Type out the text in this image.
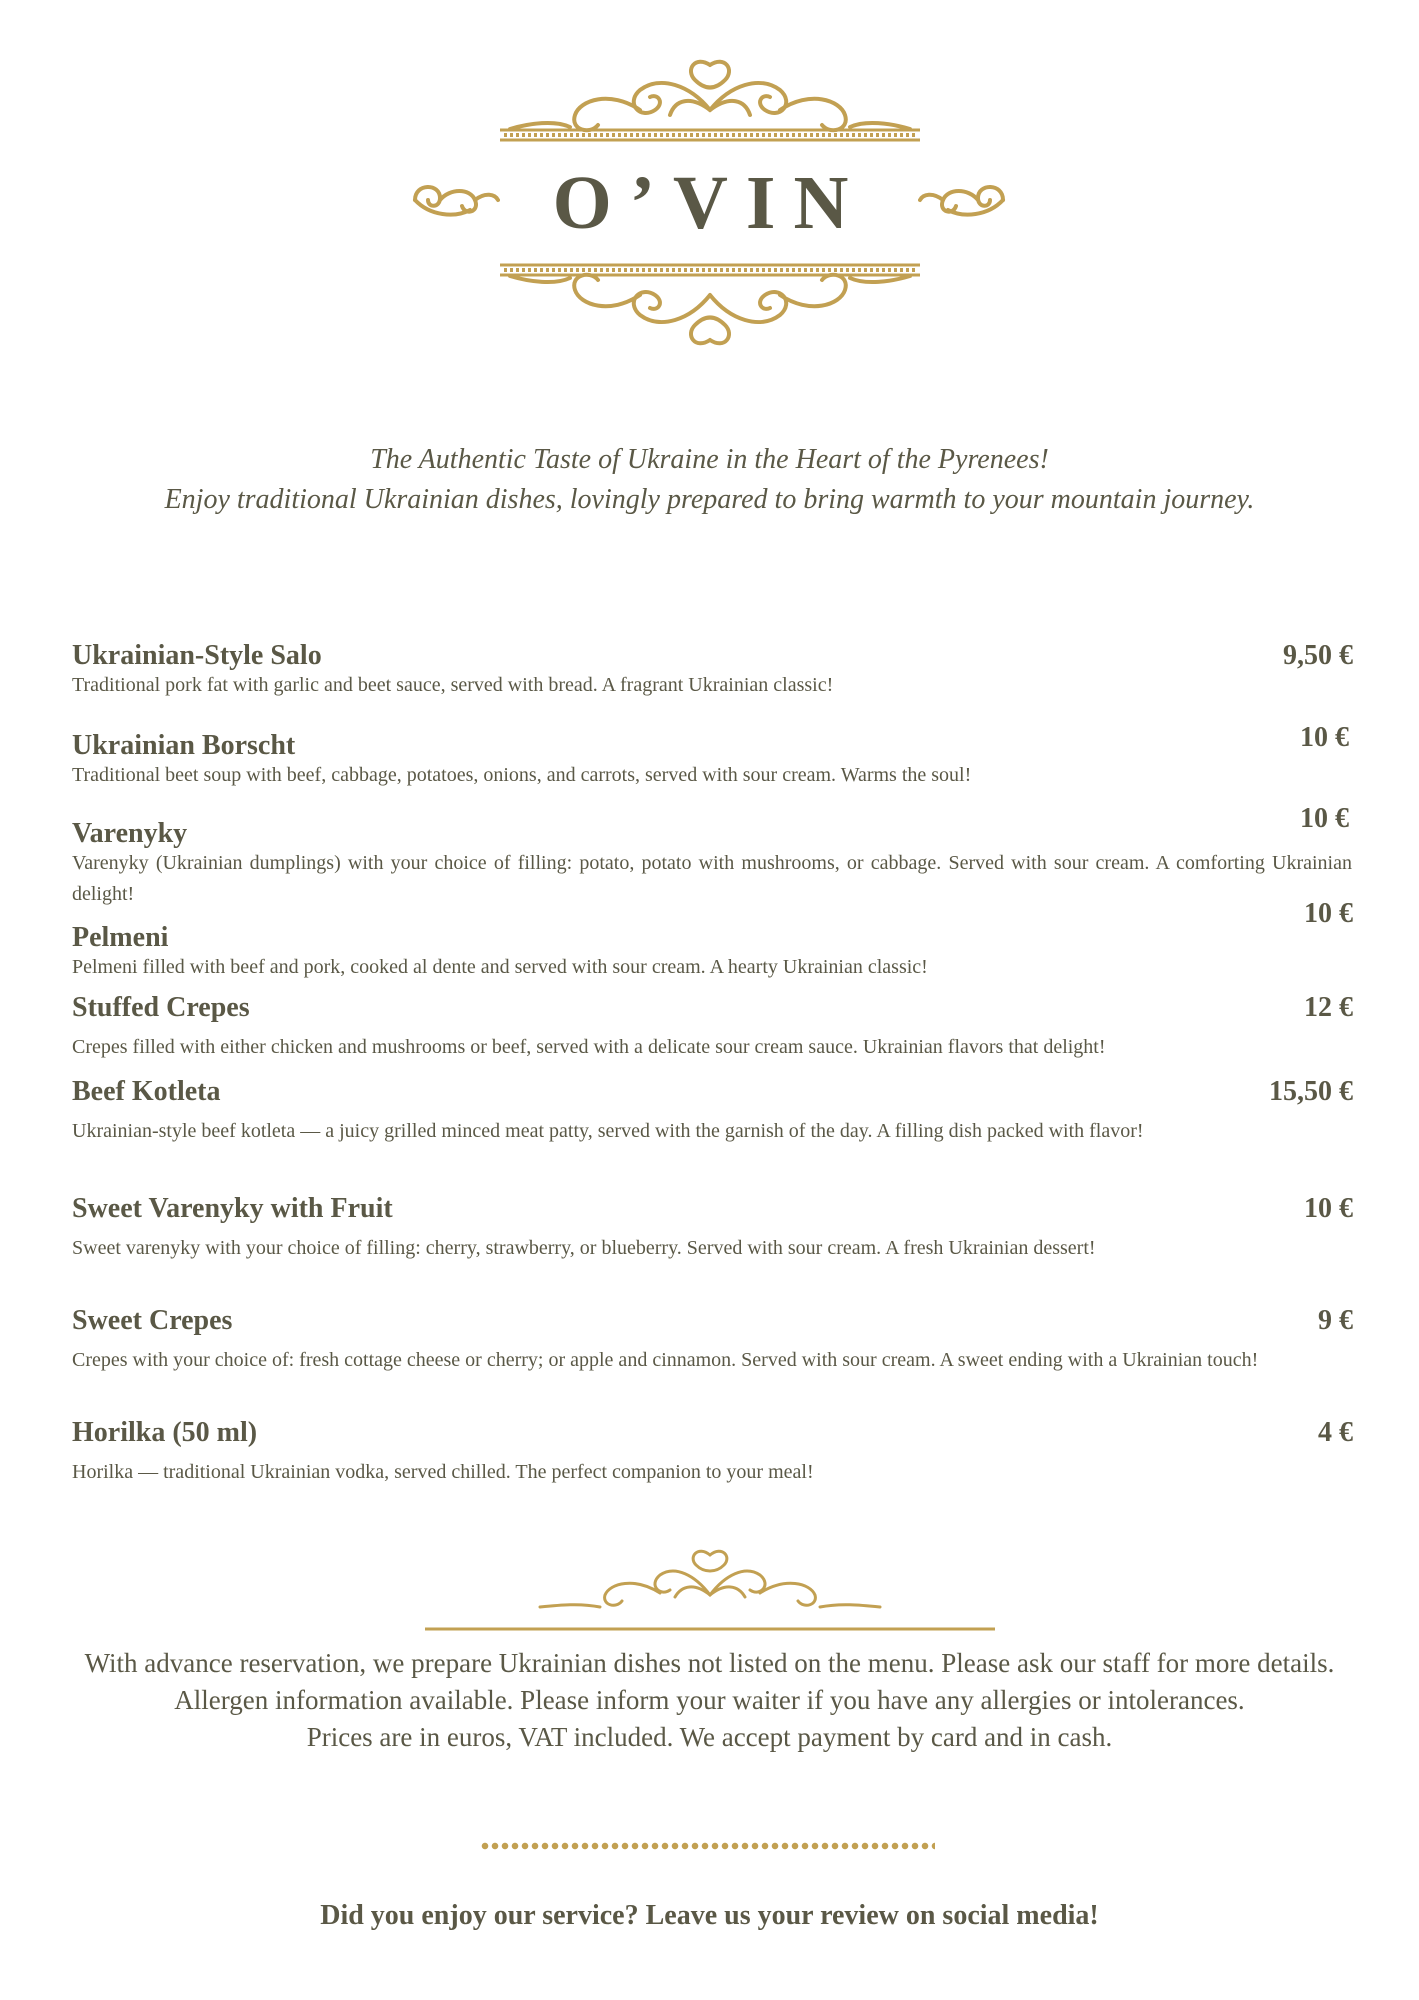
O’VIN
The Authentic Taste of Ukraine in the Heart of the Pyrenees!
Enjoy traditional Ukrainian dishes, lovingly prepared to bring warmth to your mountain journey.
Ukrainian-Style Salo
Traditional pork fat with garlic and beet sauce, served with bread. A fragrant Ukrainian classic!
9,50 €
Ukrainian Borscht
Traditional beet soup with beef, cabbage, potatoes, onions, and carrots, served with sour cream. Warms the soul!
10 €
Varenyky
Varenyky (Ukrainian dumplings) with your choice of filling: potato, potato with mushrooms, or cabbage. Served with sour cream. A comforting Ukrainian delight!
10 €
Pelmeni
Pelmeni filled with beef and pork, cooked al dente and served with sour cream. A hearty Ukrainian classic!
10 €
Stuffed Crepes
Crepes filled with either chicken and mushrooms or beef, served with a delicate sour cream sauce. Ukrainian flavors that delight!
12 €
Beef Kotleta
Ukrainian-style beef kotleta — a juicy grilled minced meat patty, served with the garnish of the day. A filling dish packed with flavor!
15,50 €
Sweet Varenyky with Fruit
Sweet varenyky with your choice of filling: cherry, strawberry, or blueberry. Served with sour cream. A fresh Ukrainian dessert!
10 €
Sweet Crepes
Crepes with your choice of: fresh cottage cheese or cherry; or apple and cinnamon. Served with sour cream. A sweet ending with a Ukrainian touch!
9 €
Horilka (50 ml)
Horilka — traditional Ukrainian vodka, served chilled. The perfect companion to your meal!
4 €
With advance reservation, we prepare Ukrainian dishes not listed on the menu. Please ask our staff for more details.
Allergen information available. Please inform your waiter if you have any allergies or intolerances.
Prices are in euros, VAT included. We accept payment by card and in cash.
Did you enjoy our service? Leave us your review on social media!
